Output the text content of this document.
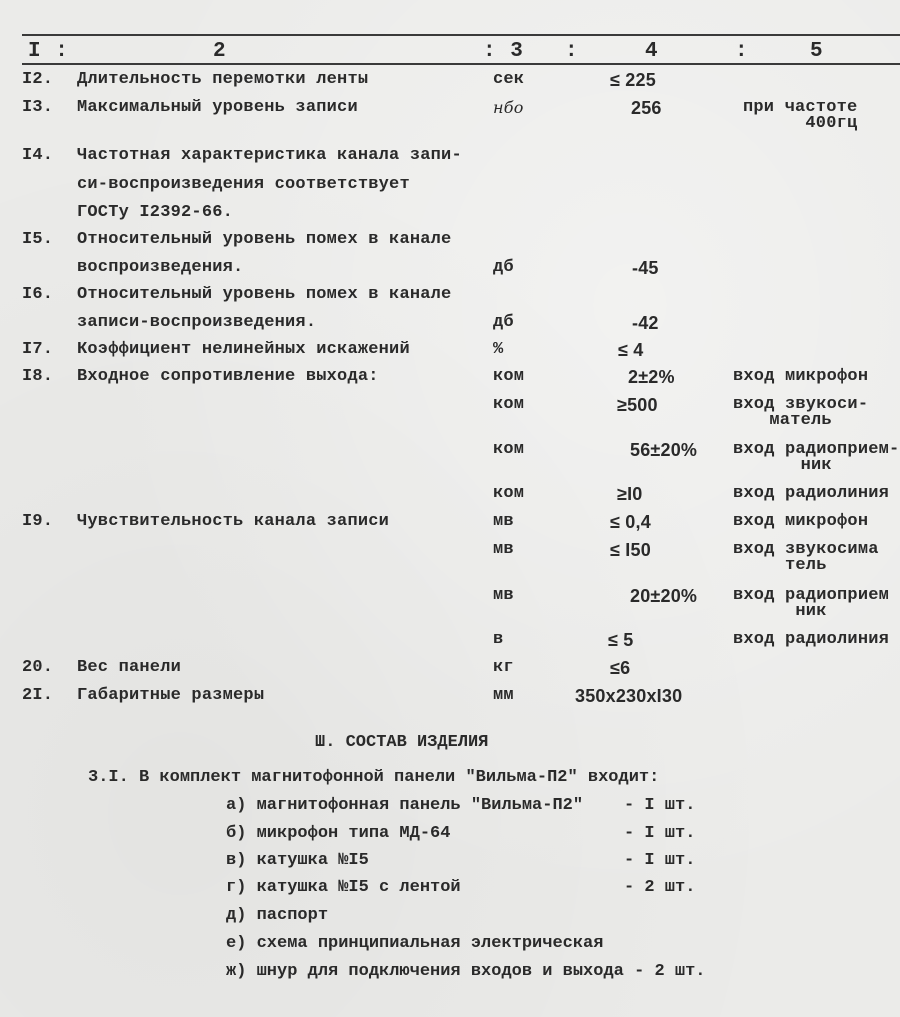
I :	2	: 3 :	4	:	5
I2. Длительность перемотки ленты	сек	≤ 225
I3. Максимальный уровень записи	нбо	256	при частоте
400гц
I4. Частотная характеристика канала запи-
си-воспроизведения соответствует
ГОСТу I2392-66.
I5. Относительный уровень помех в канале
воспроизведения.	дб	-45
I6. Относительный уровень помех в канале
записи-воспроизведения.	дб	-42
I7. Коэффициент нелинейных искажений	%	≤ 4
I8. Входное сопротивление выхода:	ком	2±2%	вход микрофон
ком	≥500	вход звукоси-
матель
ком	56±20% вход радиоприем-
ник
ком	≥I0	вход радиолиния
I9. Чувствительность канала записи	мв	≤ 0,4	вход микрофон
мв	≤ I50	вход звукосима
тель
мв	20±20% вход радиоприем
ник
в	≤ 5	вход радиолиния
20. Вес панели	кг	≤6
2I. Габаритные размеры	мм	350x230xI30
Ш. СОСТАВ ИЗДЕЛИЯ
3.I. В комплект магнитофонной панели "Вильма-П2" входит:
а) магнитофонная панель "Вильма-П2" - I шт.
б) микрофон типа МД-64	- I шт.
в) катушка №I5	- I шт.
г) катушка №I5 с лентой	- 2 шт.
д) паспорт
е) схема принципиальная электрическая
ж) шнур для подключения входов и выхода - 2 шт.
